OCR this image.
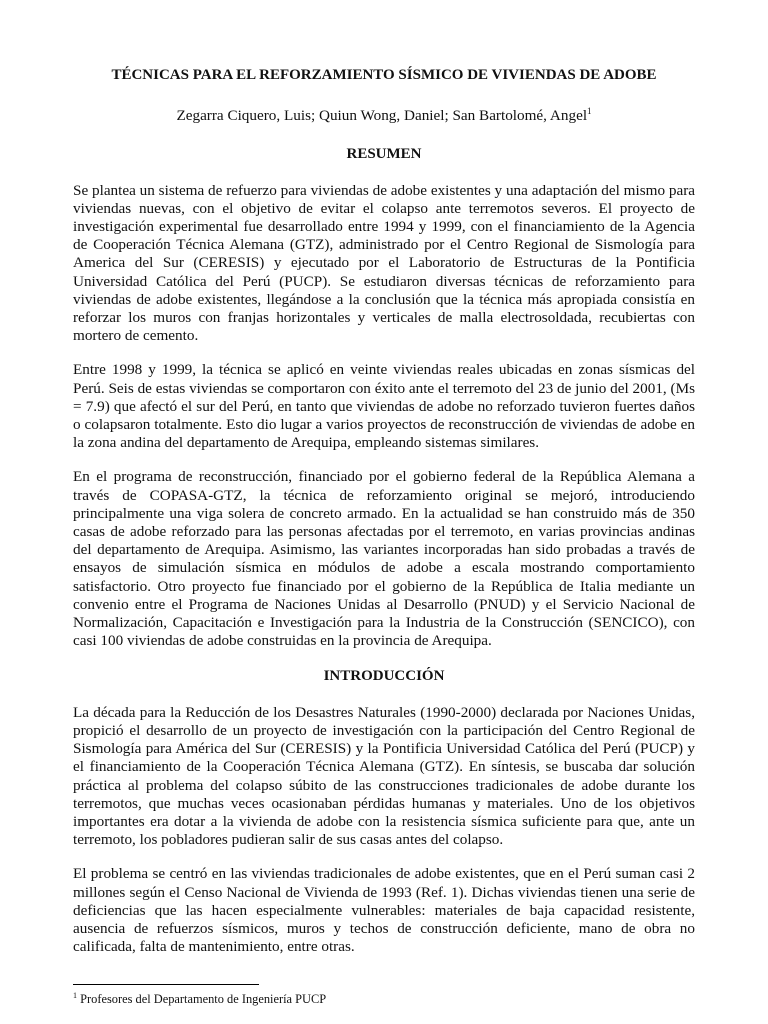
TÉCNICAS PARA EL REFORZAMIENTO SÍSMICO DE VIVIENDAS DE ADOBE
Zegarra Ciquero, Luis; Quiun Wong, Daniel; San Bartolomé, Angel$^1$
RESUMEN

Se plantea un sistema de refuerzo para viviendas de adobe existentes y una adaptación del mismo para viviendas nuevas, con el objetivo de evitar el colapso ante terremotos severos. El proyecto de investigación experimental fue desarrollado entre 1994 y 1999, con el financiamiento de la Agencia de Cooperación Técnica Alemana (GTZ), administrado por el Centro Regional de Sismología para America del Sur (CERESIS) y ejecutado por el Laboratorio de Estructuras de la Pontificia Universidad Católica del Perú (PUCP). Se estudiaron diversas técnicas de reforzamiento para viviendas de adobe existentes, llegándose a la conclusión que la técnica más apropiada consistía en reforzar los muros con franjas horizontales y verticales de malla electrosoldada, recubiertas con mortero de cemento.

Entre 1998 y 1999, la técnica se aplicó en veinte viviendas reales ubicadas en zonas sísmicas del Perú. Seis de estas viviendas se comportaron con éxito ante el terremoto del 23 de junio del 2001, (Ms = 7.9) que afectó el sur del Perú, en tanto que viviendas de adobe no reforzado tuvieron fuertes daños o colapsaron totalmente. Esto dio lugar a varios proyectos de reconstrucción de viviendas de adobe en la zona andina del departamento de Arequipa, empleando sistemas similares.

En el programa de reconstrucción, financiado por el gobierno federal de la República Alemana a través de COPASA-GTZ, la técnica de reforzamiento original se mejoró, introduciendo principalmente una viga solera de concreto armado. En la actualidad se han construido más de 350 casas de adobe reforzado para las personas afectadas por el terremoto, en varias provincias andinas del departamento de Arequipa. Asimismo, las variantes incorporadas han sido probadas a través de ensayos de simulación sísmica en módulos de adobe a escala mostrando comportamiento satisfactorio. Otro proyecto fue financiado por el gobierno de la República de Italia mediante un convenio entre el Programa de Naciones Unidas al Desarrollo (PNUD) y el Servicio Nacional de Normalización, Capacitación e Investigación para la Industria de la Construcción (SENCICO), con casi 100 viviendas de adobe construidas en la provincia de Arequipa.

INTRODUCCIÓN

La década para la Reducción de los Desastres Naturales (1990-2000) declarada por Naciones Unidas, propició el desarrollo de un proyecto de investigación con la participación del Centro Regional de Sismología para América del Sur (CERESIS) y la Pontificia Universidad Católica del Perú (PUCP) y el financiamiento de la Cooperación Técnica Alemana (GTZ). En síntesis, se buscaba dar solución práctica al problema del colapso súbito de las construcciones tradicionales de adobe durante los terremotos, que muchas veces ocasionaban pérdidas humanas y materiales. Uno de los objetivos importantes era dotar a la vivienda de adobe con la resistencia sísmica suficiente para que, ante un terremoto, los pobladores pudieran salir de sus casas antes del colapso.

El problema se centró en las viviendas tradicionales de adobe existentes, que en el Perú suman casi 2 millones según el Censo Nacional de Vivienda de 1993 (Ref. 1). Dichas viviendas tienen una serie de deficiencias que las hacen especialmente vulnerables: materiales de baja capacidad resistente, ausencia de refuerzos sísmicos, muros y techos de construcción deficiente, mano de obra no calificada, falta de mantenimiento, entre otras.

$^1$ Profesores del Departamento de Ingeniería PUCP
